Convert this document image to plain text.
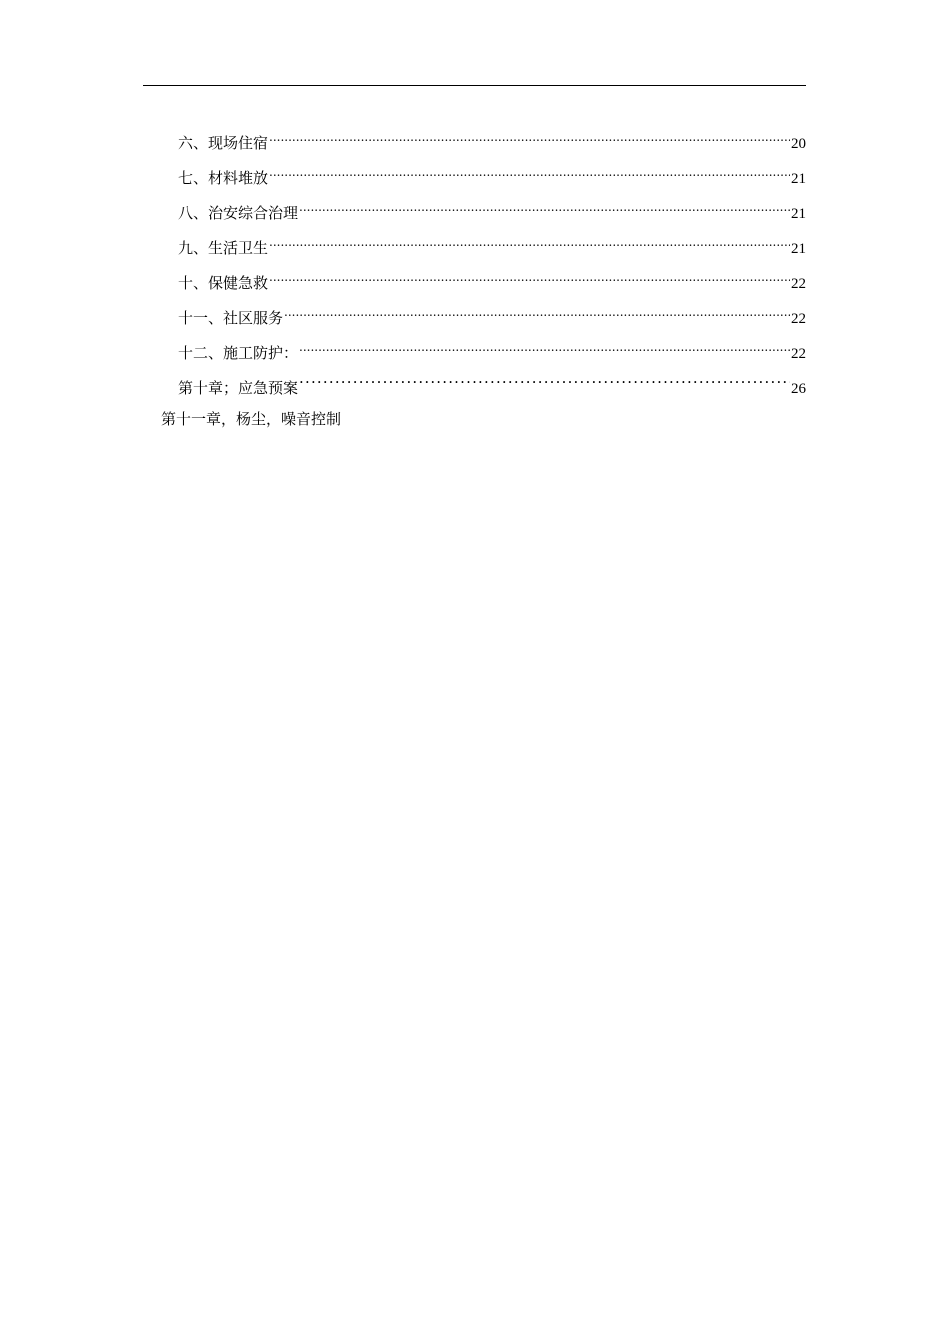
六、现场住宿 .....	20
七、材料堆放 .....	21
八、治安综合治理 .....	21
九、生活卫生 .....	21
十、保健急救 .....	22
十一、社区服务 .....	22
十二、施工防护： .....	22
第十章；应急预案 ·····	26
第十一章，杨尘，噪音控制
